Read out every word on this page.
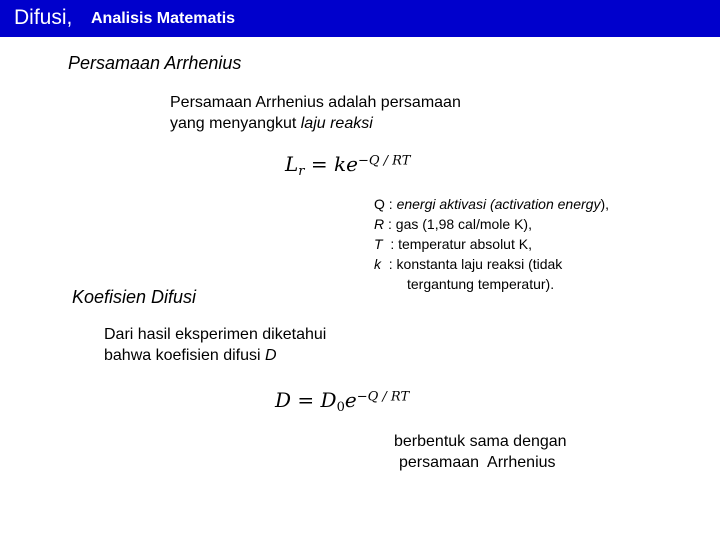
Difusi, Analisis Matematis
Persamaan Arrhenius
Persamaan Arrhenius adalah persamaan
yang menyangkut laju reaksi
$L_r = ke^{-Q / RT}$
Q : energi aktivasi (activation energy),
R : gas (1,98 cal/mole K),
T  : temperatur absolut K,
k  : konstanta laju reaksi (tidak
tergantung temperatur).
Koefisien Difusi
Dari hasil eksperimen diketahui
bahwa koefisien difusi D
$D = D_0e^{-Q / RT}$
berbentuk sama dengan
persamaan  Arrhenius
